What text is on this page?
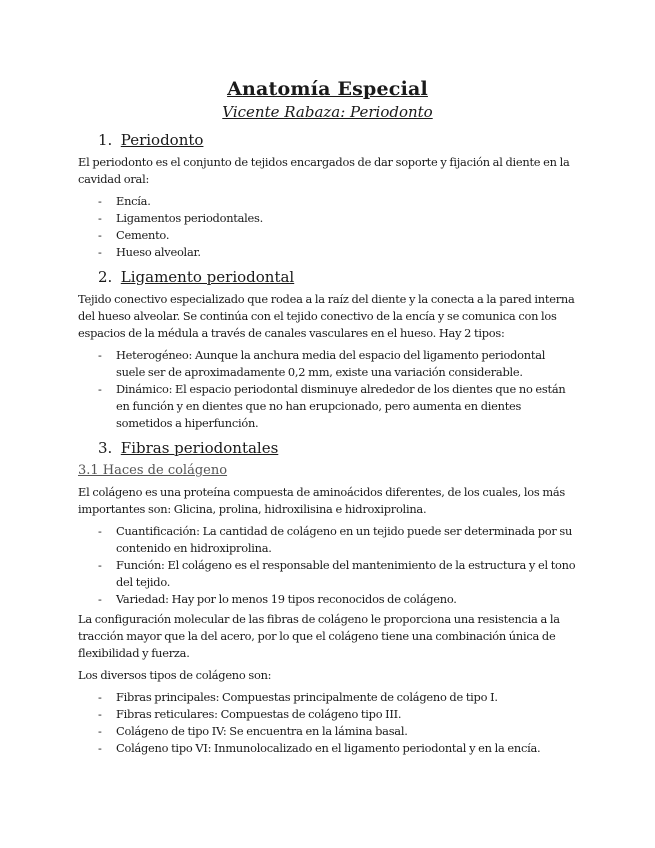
Anatomía Especial
Vicente Rabaza: Periodonto
1. Periodonto

El periodonto es el conjunto de tejidos encargados de dar soporte y fijación al diente en la cavidad oral:

- Encía.
- Ligamentos periodontales.
- Cemento.
- Hueso alveolar.
2. Ligamento periodontal

Tejido conectivo especializado que rodea a la raíz del diente y la conecta a la pared interna del hueso alveolar. Se continúa con el tejido conectivo de la encía y se comunica con los espacios de la médula a través de canales vasculares en el hueso. Hay 2 tipos:

- Heterogéneo: Aunque la anchura media del espacio del ligamento periodontal suele ser de aproximadamente 0,2 mm, existe una variación considerable.
- Dinámico: El espacio periodontal disminuye alrededor de los dientes que no están en función y en dientes que no han erupcionado, pero aumenta en dientes sometidos a hiperfunción.
3. Fibras periodontales
3.1 Haces de colágeno

El colágeno es una proteína compuesta de aminoácidos diferentes, de los cuales, los más importantes son: Glicina, prolina, hidroxilisina e hidroxiprolina.

- Cuantificación: La cantidad de colágeno en un tejido puede ser determinada por su contenido en hidroxiprolina.
- Función: El colágeno es el responsable del mantenimiento de la estructura y el tono del tejido.
- Variedad: Hay por lo menos 19 tipos reconocidos de colágeno.

La configuración molecular de las fibras de colágeno le proporciona una resistencia a la tracción mayor que la del acero, por lo que el colágeno tiene una combinación única de flexibilidad y fuerza.

Los diversos tipos de colágeno son:

- Fibras principales: Compuestas principalmente de colágeno de tipo I.
- Fibras reticulares: Compuestas de colágeno tipo III.
- Colágeno de tipo IV: Se encuentra en la lámina basal.
- Colágeno tipo VI: Inmunolocalizado en el ligamento periodontal y en la encía.
